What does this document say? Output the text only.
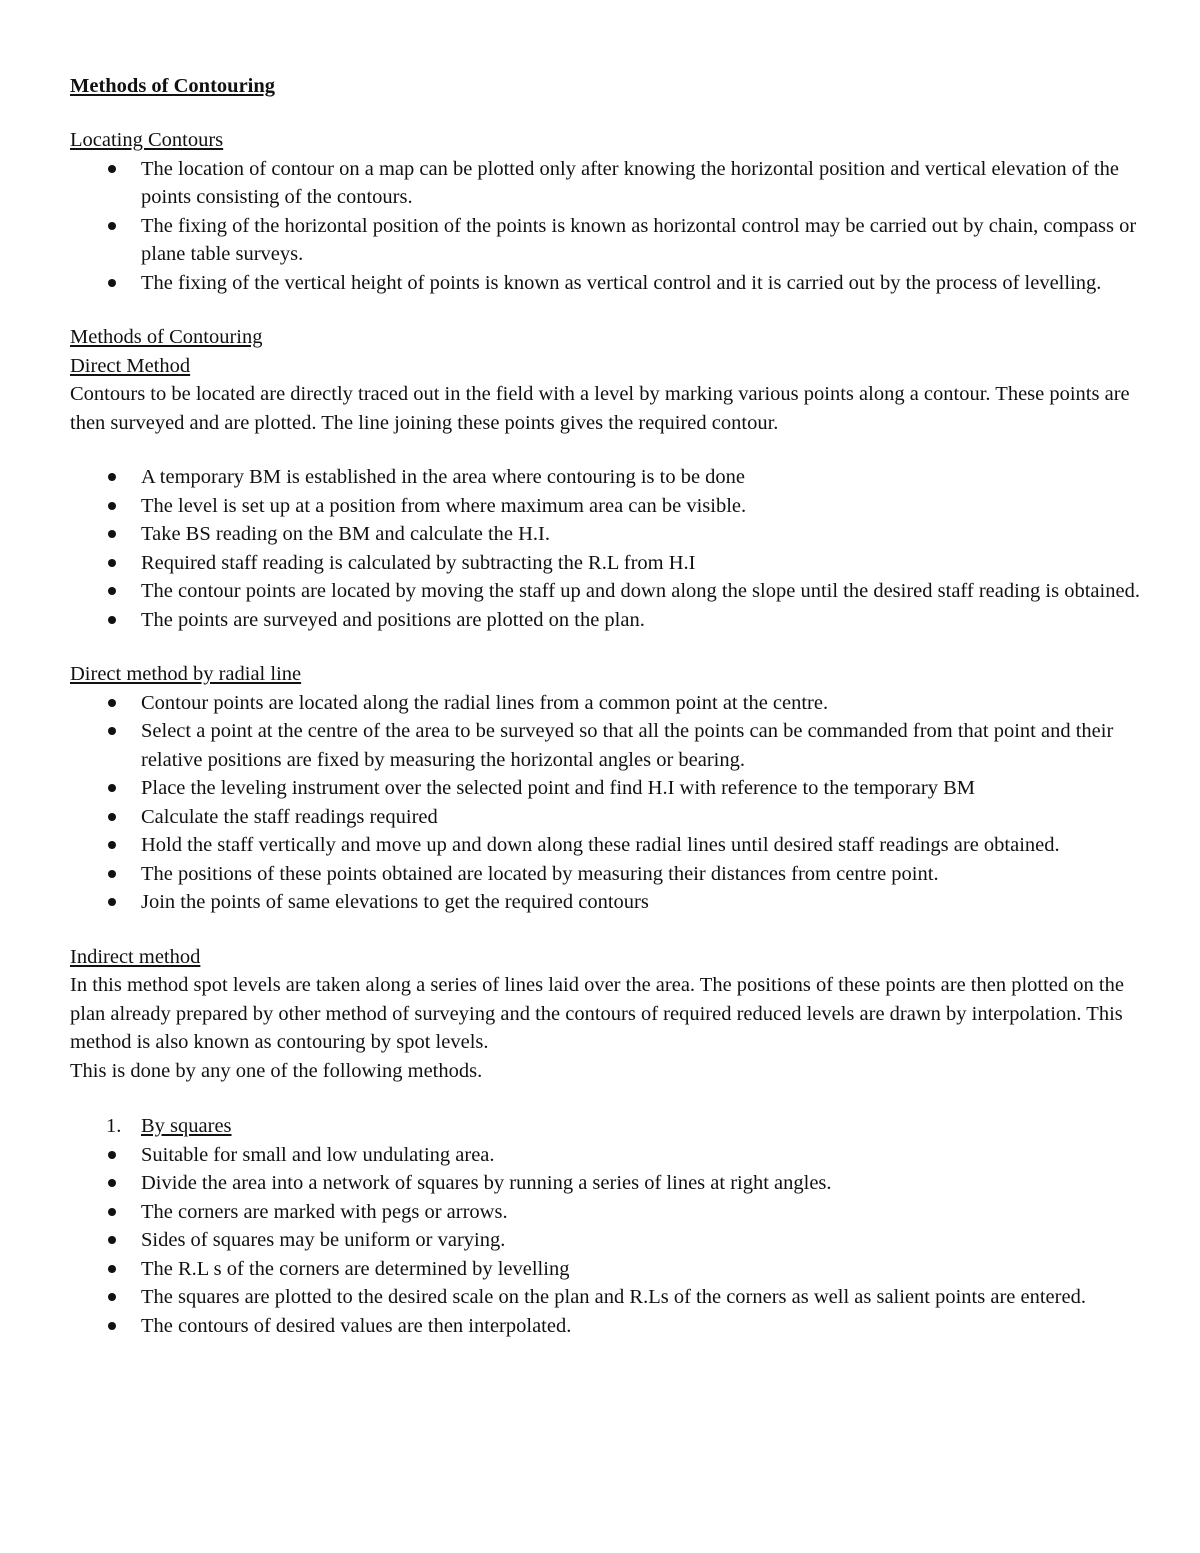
Methods of Contouring

Locating Contours

The location of contour on a map can be plotted only after knowing the horizontal position and vertical elevation of the points consisting of the contours.
The fixing of the horizontal position of the points is known as horizontal control may be carried out by chain, compass or plane table surveys.
The fixing of the vertical height of points is known as vertical control and it is carried out by the process of levelling.

Methods of Contouring

Direct Method

Contours to be located are directly traced out in the field with a level by marking various points along a contour. These points are then surveyed and are plotted. The line joining these points gives the required contour.

A temporary BM is established in the area where contouring is to be done
The level is set up at a position from where maximum area can be visible.
Take BS reading on the BM and calculate the H.I.
Required staff reading is calculated by subtracting the R.L from H.I
The contour points are located by moving the staff up and down along the slope until the desired staff reading is obtained.
The points are surveyed and positions are plotted on the plan.

Direct method by radial line

Contour points are located along the radial lines from a common point at the centre.
Select a point at the centre of the area to be surveyed so that all the points can be commanded from that point and their relative positions are fixed by measuring the horizontal angles or bearing.
Place the leveling instrument over the selected point and find H.I with reference to the temporary BM
Calculate the staff readings required
Hold the staff vertically and move up and down along these radial lines until desired staff readings are obtained.
The positions of these points obtained are located by measuring their distances from centre point.
Join the points of same elevations to get the required contours

Indirect method

In this method spot levels are taken along a series of lines laid over the area. The positions of these points are then plotted on the plan already prepared by other method of surveying and the contours of required reduced levels are drawn by interpolation. This method is also known as contouring by spot levels.

This is done by any one of the following methods.

1. By squares
Suitable for small and low undulating area.
Divide the area into a network of squares by running a series of lines at right angles.
The corners are marked with pegs or arrows.
Sides of squares may be uniform or varying.
The R.L s of the corners are determined by levelling
The squares are plotted to the desired scale on the plan and R.Ls of the corners as well as salient points are entered.
The contours of desired values are then interpolated.
